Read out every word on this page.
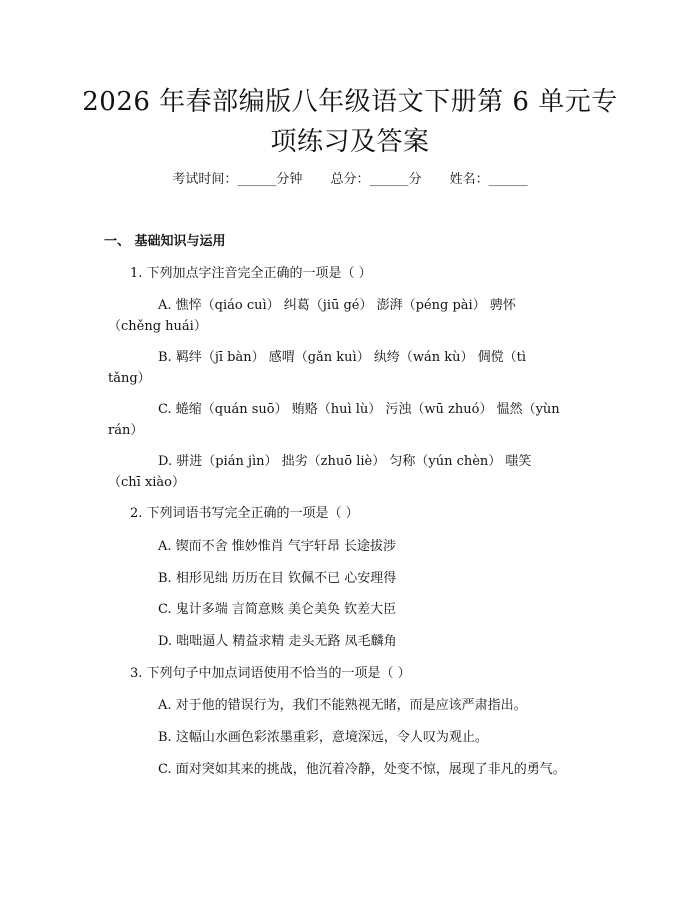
2026 年春部编版八年级语文下册第 6 单元专
项练习及答案
考试时间：______分钟 总分：______分 姓名：______
一、 基础知识与运用
1. 下列加点字注音完全正确的一项是（ ）
A. 憔悴（qiáo cuì） 纠葛（jiū gé） 澎湃（péng pài） 骋怀
（chěng huái）
B. 羁绊（jī bàn） 感喟（gǎn kuì） 纨绔（wán kù） 倜傥（tì
tǎng）
C. 蜷缩（quán suō） 贿赂（huì lù） 污浊（wū zhuó） 愠然（yùn
rán）
D. 骈进（pián jìn） 拙劣（zhuō liè） 匀称（yún chèn） 嗤笑
（chī xiào）
2. 下列词语书写完全正确的一项是（ ）
A. 锲而不舍 惟妙惟肖 气宇轩昂 长途拔涉
B. 相形见绌 历历在目 钦佩不已 心安理得
C. 鬼计多端 言简意赅 美仑美奂 钦差大臣
D. 咄咄逼人 精益求精 走头无路 凤毛麟角
3. 下列句子中加点词语使用不恰当的一项是（ ）
A. 对于他的错误行为，我们不能熟视无睹，而是应该严肃指出。
B. 这幅山水画色彩浓墨重彩，意境深远，令人叹为观止。
C. 面对突如其来的挑战，他沉着冷静，处变不惊，展现了非凡的勇气。
